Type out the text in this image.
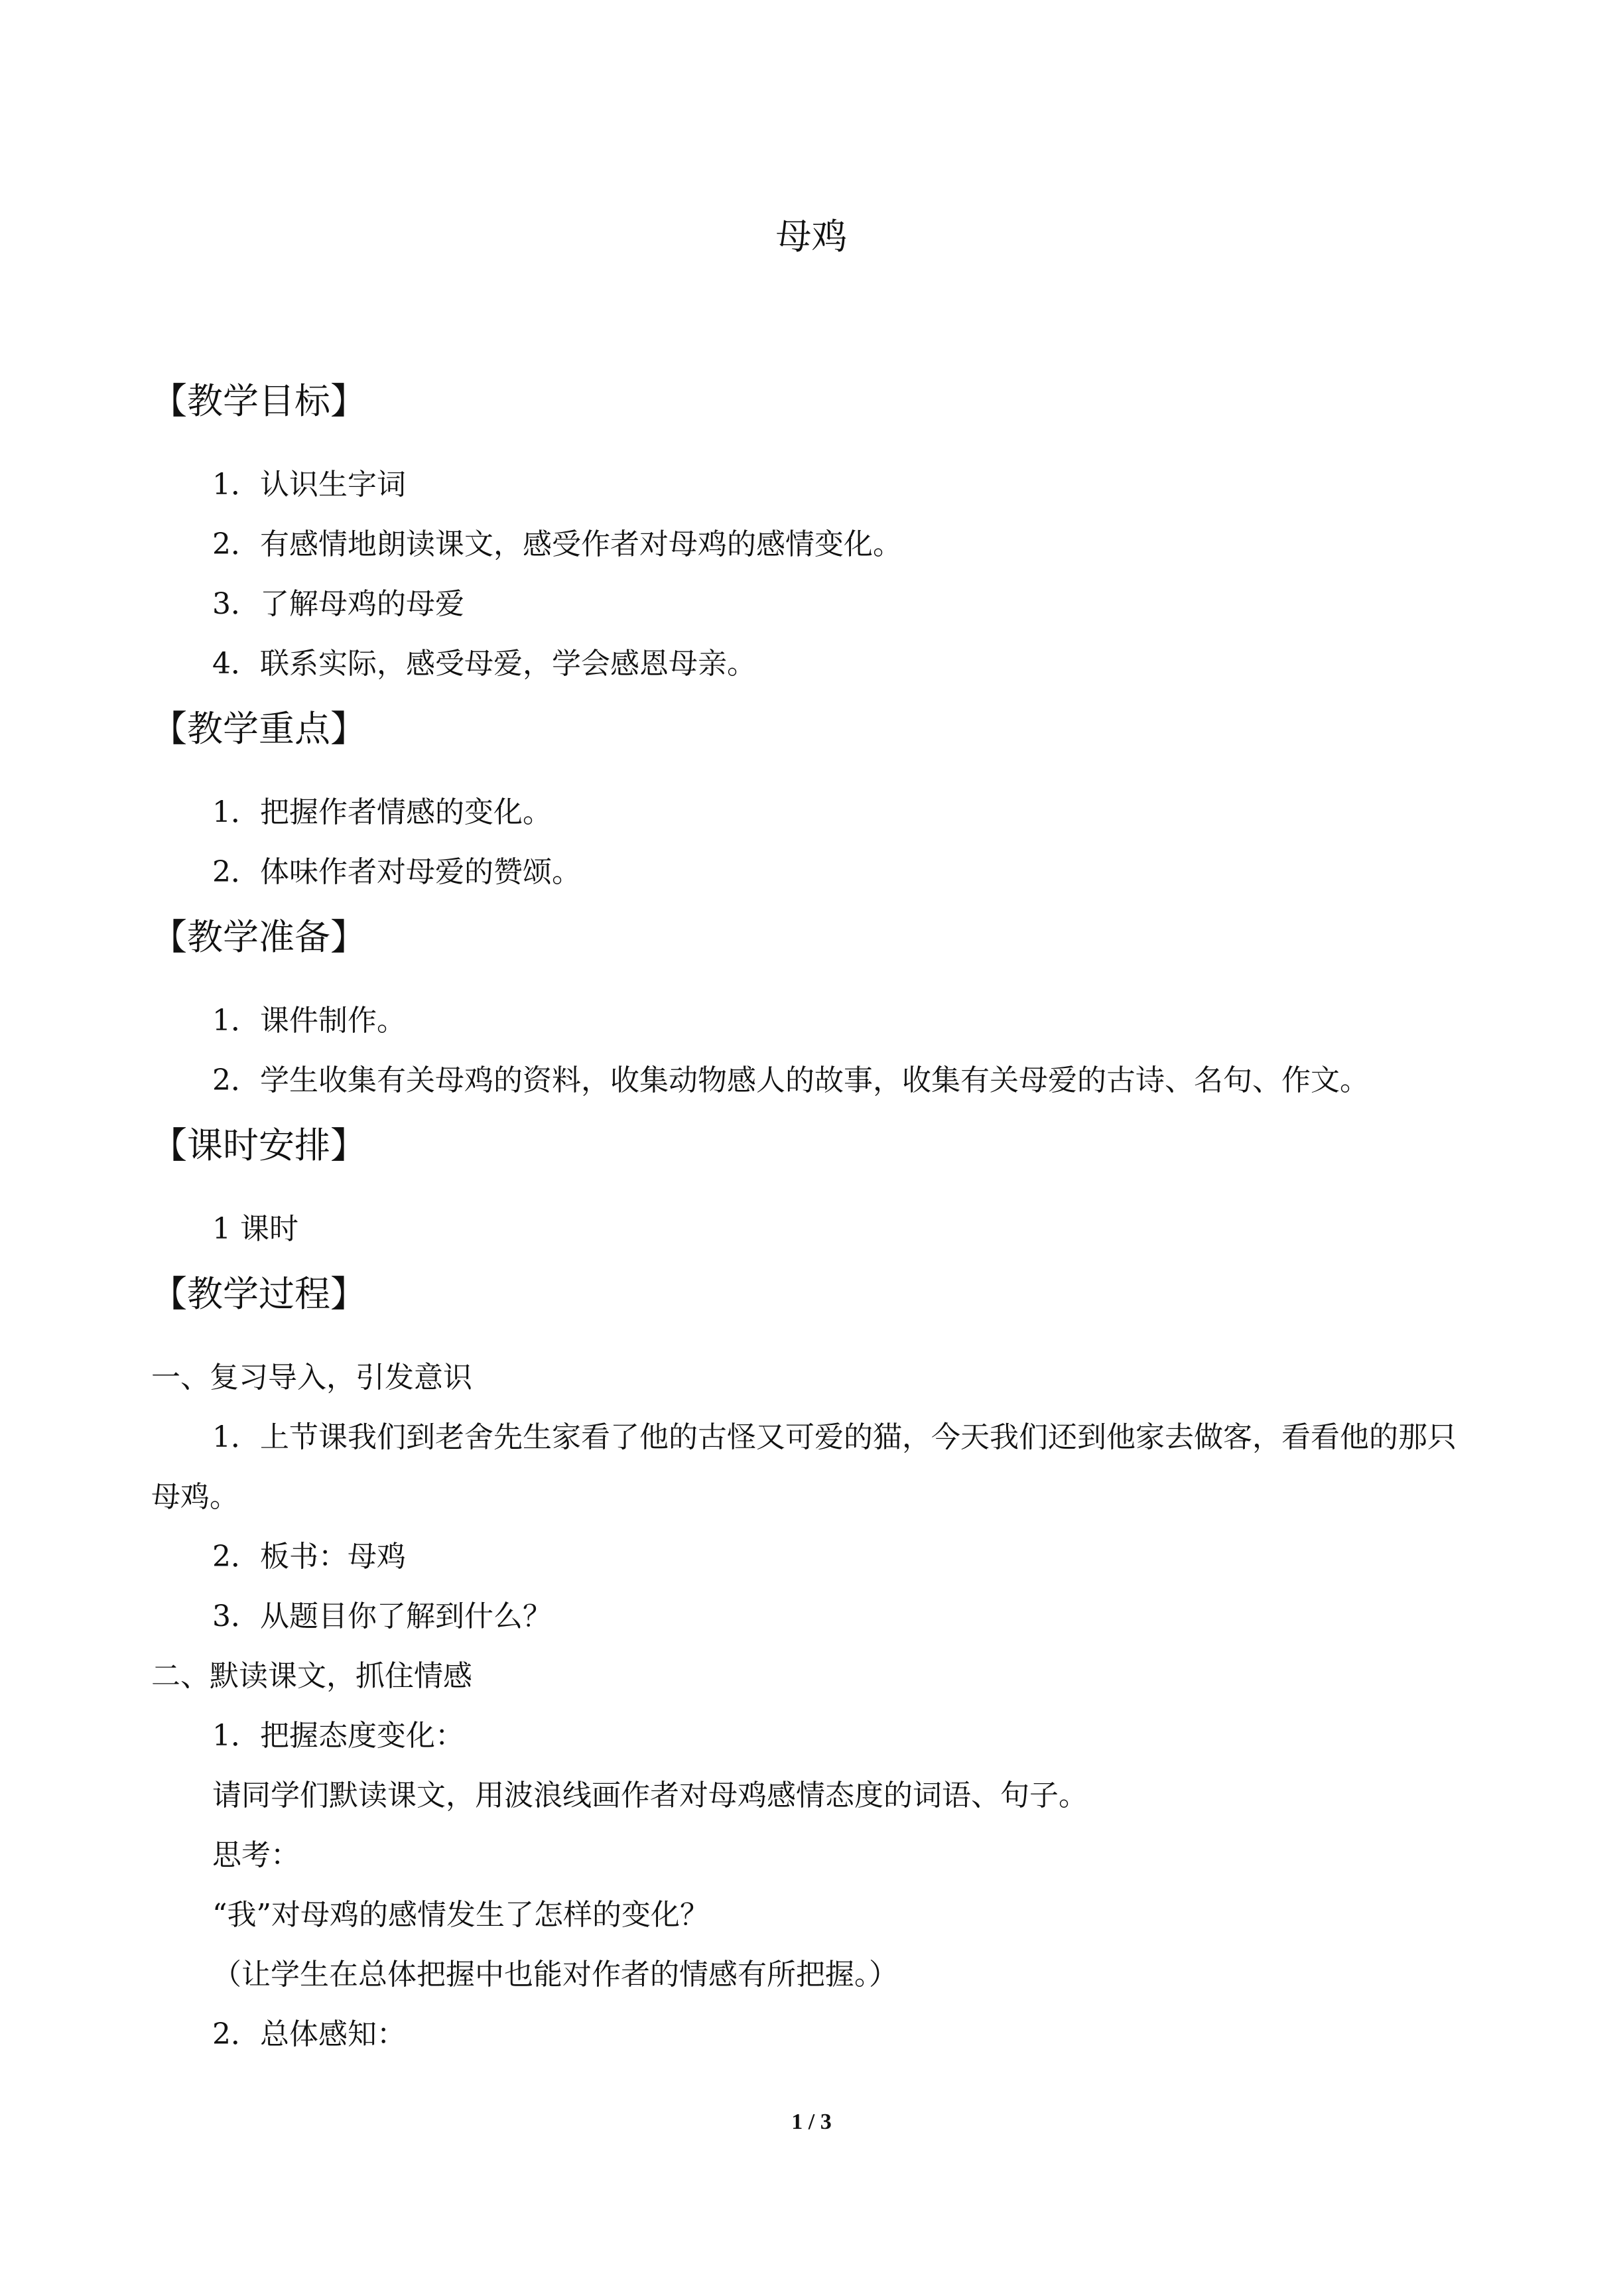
母鸡
【教学目标】
1．认识生字词
2．有感情地朗读课文，感受作者对母鸡的感情变化。
3．了解母鸡的母爱
4．联系实际，感受母爱，学会感恩母亲。
【教学重点】
1．把握作者情感的变化。
2．体味作者对母爱的赞颂。
【教学准备】
1．课件制作。
2．学生收集有关母鸡的资料，收集动物感人的故事，收集有关母爱的古诗、名句、作文。
【课时安排】
1 课时
【教学过程】
一、复习导入，引发意识
1．上节课我们到老舍先生家看了他的古怪又可爱的猫，今天我们还到他家去做客，看看他的那只母鸡。
2．板书：母鸡
3．从题目你了解到什么？
二、默读课文，抓住情感
1．把握态度变化：
请同学们默读课文，用波浪线画作者对母鸡感情态度的词语、句子。
思考：
“我”对母鸡的感情发生了怎样的变化？
（让学生在总体把握中也能对作者的情感有所把握。）
2．总体感知：
1 / 3
